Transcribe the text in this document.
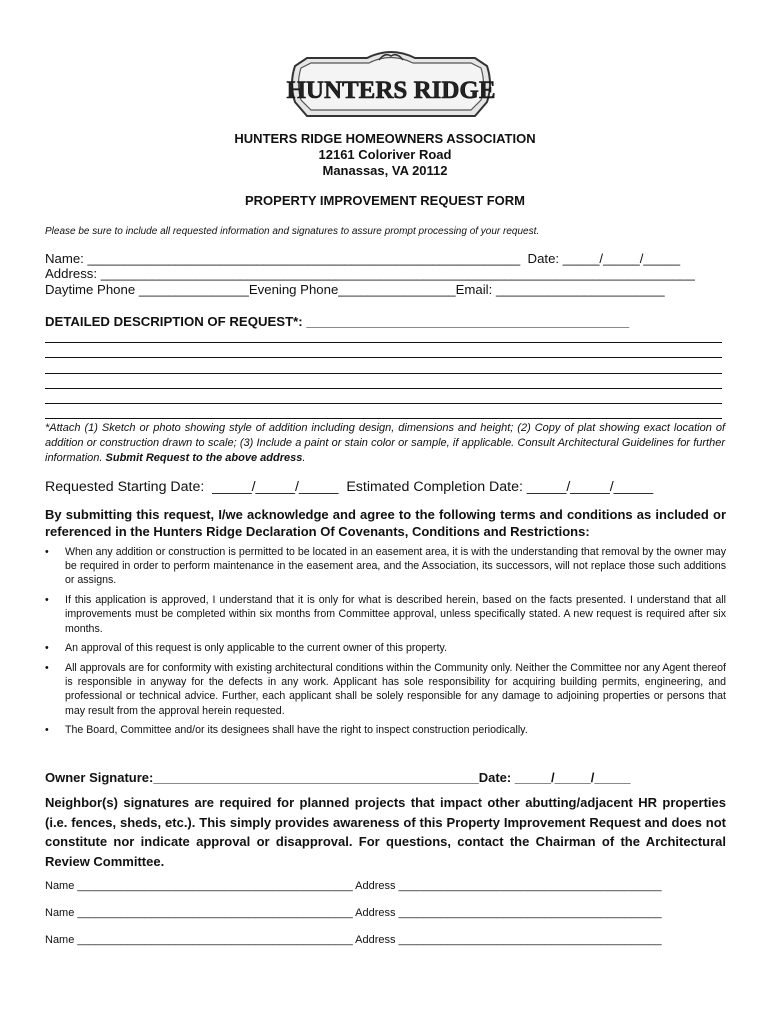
HUNTERS RIDGE
HUNTERS RIDGE HOMEOWNERS ASSOCIATION
12161 Coloriver Road
Manassas, VA 20112
PROPERTY IMPROVEMENT REQUEST FORM
Please be sure to include all requested information and signatures to assure prompt processing of your request.
Name: ___________________________________________________________  Date: _____/_____/_____
Address: _________________________________________________________________________________
Daytime Phone _______________Evening Phone________________Email: _______________________
DETAILED DESCRIPTION OF REQUEST*: ____________________________________________
*Attach (1) Sketch or photo showing style of addition including design, dimensions and height; (2) Copy of plat showing exact location of addition or construction drawn to scale; (3) Include a paint or stain color or sample, if applicable. Consult Architectural Guidelines for further information. Submit Request to the above address.
Requested Starting Date:  _____/_____/_____  Estimated Completion Date: _____/_____/_____
By submitting this request, I/we acknowledge and agree to the following terms and conditions as included or referenced in the Hunters Ridge Declaration Of Covenants, Conditions and Restrictions:
• When any addition or construction is permitted to be located in an easement area, it is with the understanding that removal by the owner may be required in order to perform maintenance in the easement area, and the Association, its successors, will not replace those such additions or assigns.
• If this application is approved, I understand that it is only for what is described herein, based on the facts presented. I understand that all improvements must be completed within six months from Committee approval, unless specifically stated. A new request is required after six months.
• An approval of this request is only applicable to the current owner of this property.
• All approvals are for conformity with existing architectural conditions within the Community only. Neither the Committee nor any Agent thereof is responsible in anyway for the defects in any work. Applicant has sole responsibility for acquiring building permits, engineering, and professional or technical advice. Further, each applicant shall be solely responsible for any damage to adjoining properties or persons that may result from the approval herein requested.
• The Board, Committee and/or its designees shall have the right to inspect construction periodically.
Owner Signature:_____________________________________________Date: _____/_____/_____
Neighbor(s) signatures are required for planned projects that impact other abutting/adjacent HR properties (i.e. fences, sheds, etc.). This simply provides awareness of this Property Improvement Request and does not constitute nor indicate approval or disapproval. For questions, contact the Chairman of the Architectural Review Committee.
Name _____________________________________________ Address ___________________________________________
Name _____________________________________________ Address ___________________________________________
Name _____________________________________________ Address ___________________________________________
